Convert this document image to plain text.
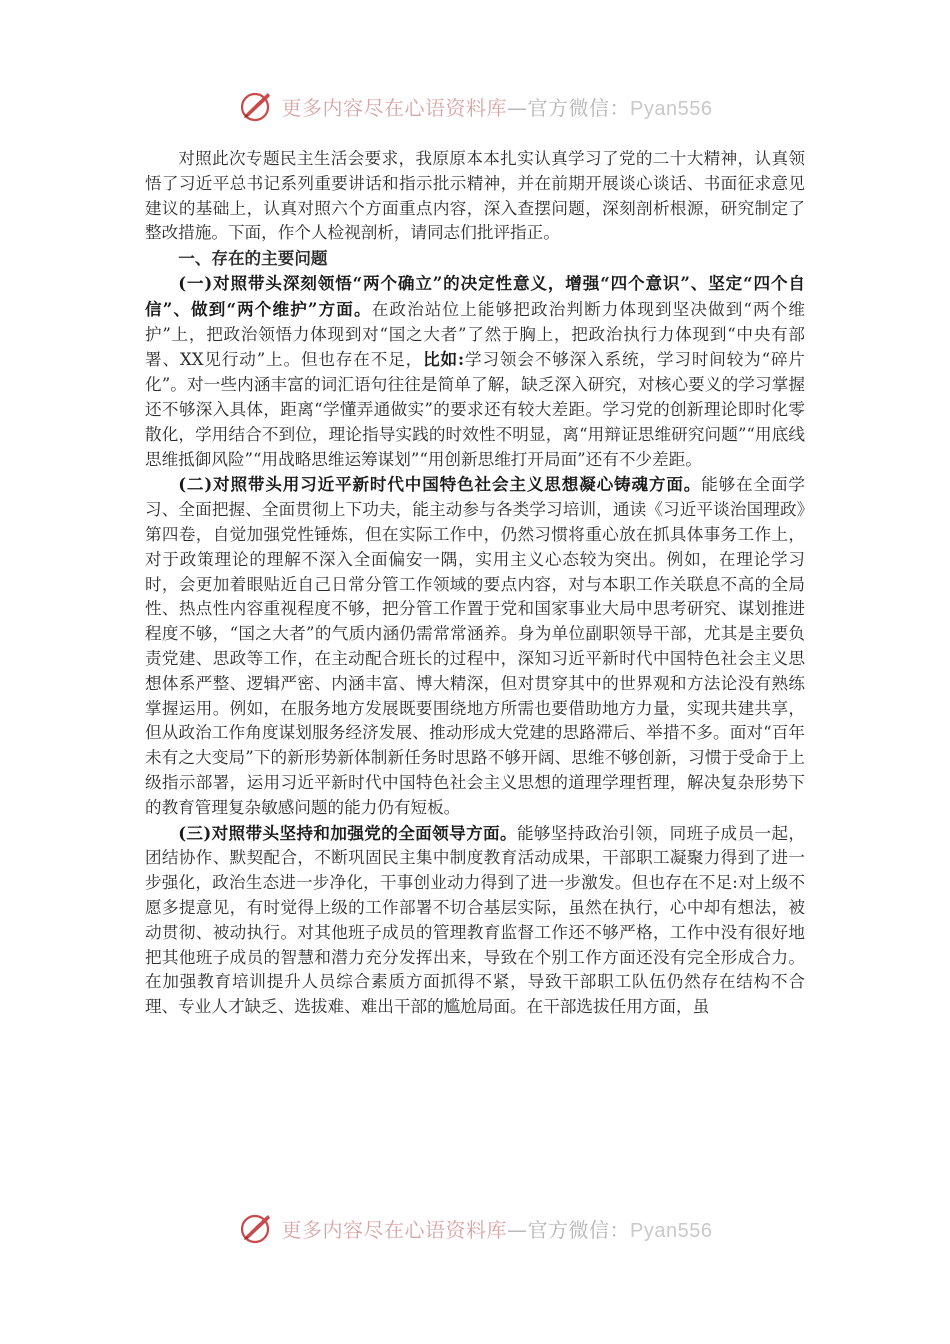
更多内容尽在心语资料库—官方微信：Pyan556

对照此次专题民主生活会要求，我原原本本扎实认真学习了党的二十大精神，认真领悟了习近平总书记系列重要讲话和指示批示精神，并在前期开展谈心谈话、书面征求意见建议的基础上，认真对照六个方面重点内容，深入查摆问题，深刻剖析根源，研究制定了整改措施。下面，作个人检视剖析，请同志们批评指正。

一、存在的主要问题

(一)对照带头深刻领悟“两个确立”的决定性意义，增强“四个意识”、坚定“四个自信”、做到“两个维护”方面。在政治站位上能够把政治判断力体现到坚决做到“两个维护”上，把政治领悟力体现到对“国之大者”了然于胸上，把政治执行力体现到“中央有部署、XX见行动”上。但也存在不足，比如:学习领会不够深入系统，学习时间较为“碎片化”。对一些内涵丰富的词汇语句往往是简单了解，缺乏深入研究，对核心要义的学习掌握还不够深入具体，距离“学懂弄通做实”的要求还有较大差距。学习党的创新理论即时化零散化，学用结合不到位，理论指导实践的时效性不明显，离“用辩证思维研究问题”“用底线思维抵御风险”“用战略思维运筹谋划”“用创新思维打开局面”还有不少差距。

(二)对照带头用习近平新时代中国特色社会主义思想凝心铸魂方面。能够在全面学习、全面把握、全面贯彻上下功夫，能主动参与各类学习培训，通读《习近平谈治国理政》第四卷，自觉加强党性锤炼，但在实际工作中，仍然习惯将重心放在抓具体事务工作上，对于政策理论的理解不深入全面偏安一隅，实用主义心态较为突出。例如，在理论学习时，会更加着眼贴近自己日常分管工作领域的要点内容，对与本职工作关联息不高的全局性、热点性内容重视程度不够，把分管工作置于党和国家事业大局中思考研究、谋划推进程度不够，“国之大者”的气质内涵仍需常常涵养。身为单位副职领导干部，尤其是主要负责党建、思政等工作，在主动配合班长的过程中，深知习近平新时代中国特色社会主义思想体系严整、逻辑严密、内涵丰富、博大精深，但对贯穿其中的世界观和方法论没有熟练掌握运用。例如，在服务地方发展既要围绕地方所需也要借助地方力量，实现共建共享，但从政治工作角度谋划服务经济发展、推动形成大党建的思路滞后、举措不多。面对“百年未有之大变局”下的新形势新体制新任务时思路不够开阔、思维不够创新，习惯于受命于上级指示部署，运用习近平新时代中国特色社会主义思想的道理学理哲理，解决复杂形势下的教育管理复杂敏感问题的能力仍有短板。

(三)对照带头坚持和加强党的全面领导方面。能够坚持政治引领，同班子成员一起，团结协作、默契配合，不断巩固民主集中制度教育活动成果，干部职工凝聚力得到了进一步强化，政治生态进一步净化，干事创业动力得到了进一步激发。但也存在不足:对上级不愿多提意见，有时觉得上级的工作部署不切合基层实际，虽然在执行，心中却有想法，被动贯彻、被动执行。对其他班子成员的管理教育监督工作还不够严格，工作中没有很好地把其他班子成员的智慧和潜力充分发挥出来，导致在个别工作方面还没有完全形成合力。在加强教育培训提升人员综合素质方面抓得不紧，导致干部职工队伍仍然存在结构不合理、专业人才缺乏、选拔难、难出干部的尴尬局面。在干部选拔任用方面，虽

更多内容尽在心语资料库—官方微信：Pyan556
